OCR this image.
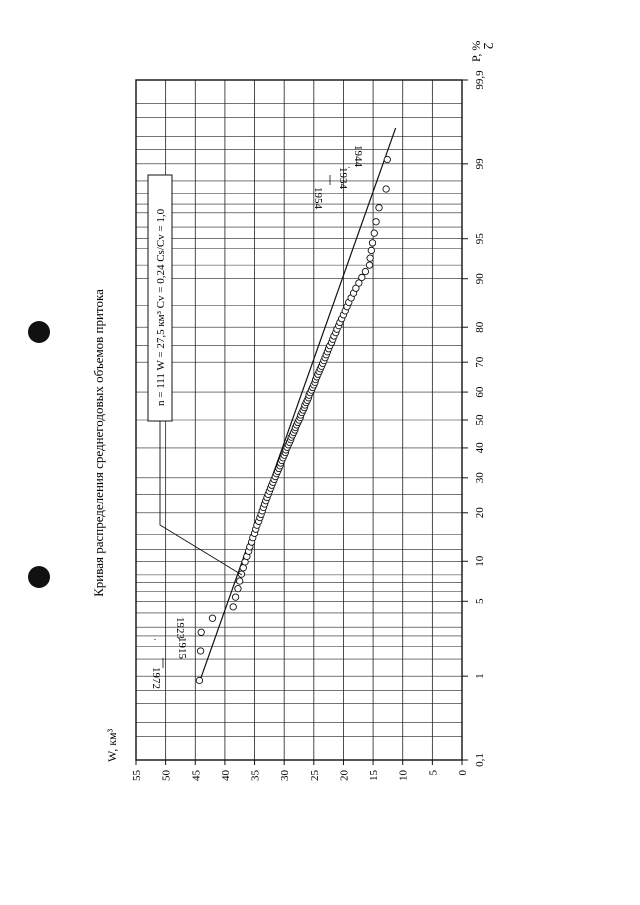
2
0,1
1
5
10
20
30
40
50
60
70
80
90
95
99
99,9
0
5
10
15
20
25
30
35
40
45
50
55
1972
1915
1923
1954
1934
1944
.
.
Кривая распределения среднегодовых объемов притока
P, %
W, км³
n = 111 W = 27,5 км³ Cv = 0,24 Cs/Cv = 1,0
